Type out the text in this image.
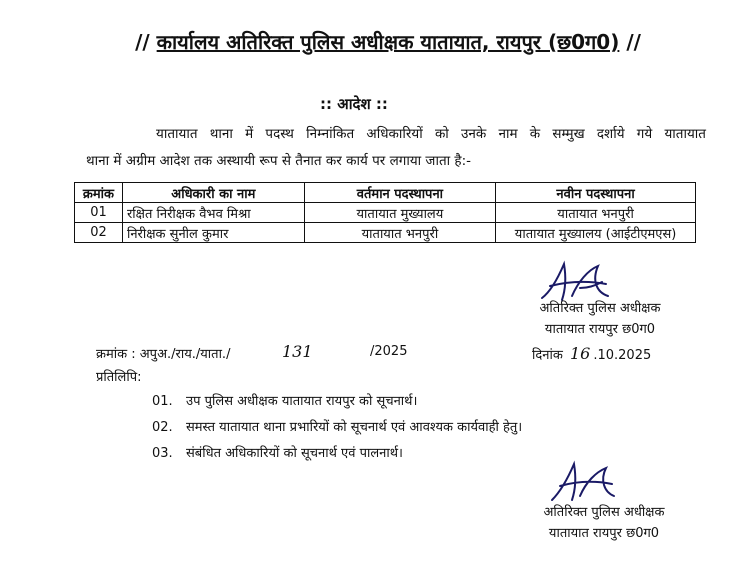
// कार्यालय अतिरिक्त पुलिस अधीक्षक यातायात, रायपुर (छ0ग0) //
:: आदेश ::
यातायात थाना में पदस्थ निम्नांकित अधिकारियों को उनके नाम के सम्मुख दर्शाये गये यातायात
थाना में अग्रीम आदेश तक अस्थायी रूप से तैनात कर कार्य पर लगाया जाता है:-
क्रमांक	अधिकारी का नाम	वर्तमान पदस्थापना	नवीन पदस्थापना
01	रक्षित निरीक्षक वैभव मिश्रा	यातायात मुख्यालय	यातायात भनपुरी
02	निरीक्षक सुनील कुमार	यातायात भनपुरी	यातायात मुख्यालय (आईटीएमएस)
अतिरिक्त पुलिस अधीक्षक
यातायात रायपुर छ0ग0
क्रमांक : अपुअ./राय./याता./	131	/2025	दिनांक 16 .10.2025
प्रतिलिपि:
01. उप पुलिस अधीक्षक यातायात रायपुर को सूचनार्थ।
02. समस्त यातायात थाना प्रभारियों को सूचनार्थ एवं आवश्यक कार्यवाही हेतु।
03. संबंधित अधिकारियों को सूचनार्थ एवं पालनार्थ।
अतिरिक्त पुलिस अधीक्षक
यातायात रायपुर छ0ग0
